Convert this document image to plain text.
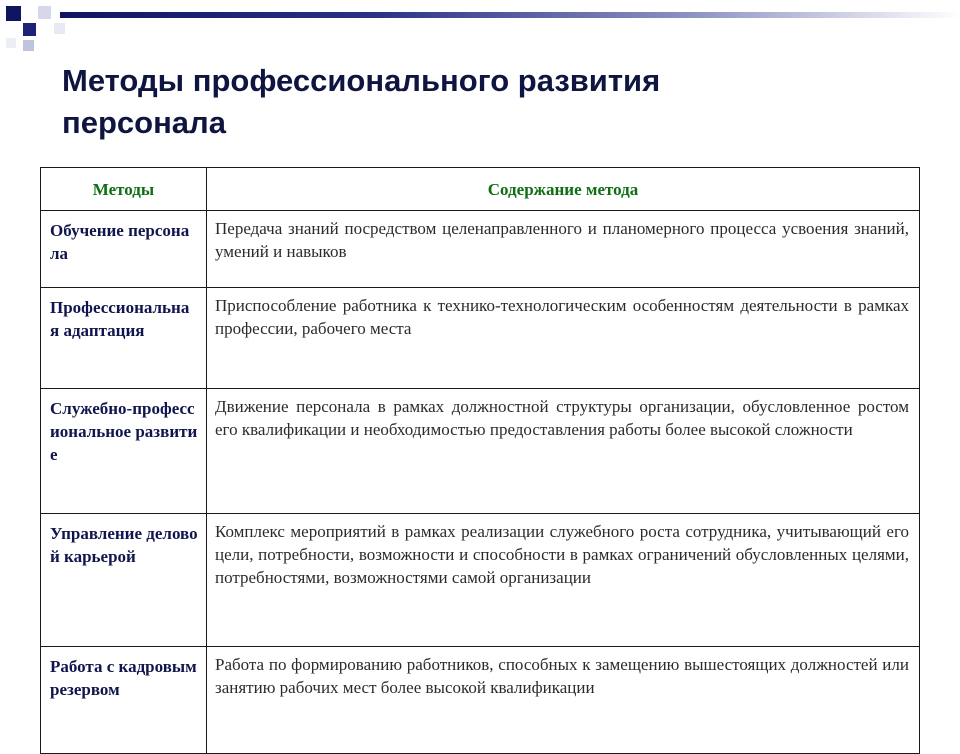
Методы профессионального развития
персонала
Методы	Содержание метода
Обучение персонала	Передача знаний посредством целенаправленного и планомерного процесса усвоения знаний, умений и навыков
Профессиональная адаптация	Приспособление работника к технико-технологическим особенностям деятельности в рамках профессии, рабочего места
Служебно-профессиональное развитие	Движение персонала в рамках должностной структуры организации, обусловленное ростом его квалификации и необходимостью предоставления работы более высокой сложности
Управление деловой карьерой	Комплекс мероприятий в рамках реализации служебного роста сотрудника, учитывающий его цели, потребности, возможности и способности в рамках ограничений обусловленных целями, потребностями, возможностями самой организации
Работа с кадровым резервом	Работа по формированию работников, способных к замещению вышестоящих должностей или занятию рабочих мест более высокой квалификации
